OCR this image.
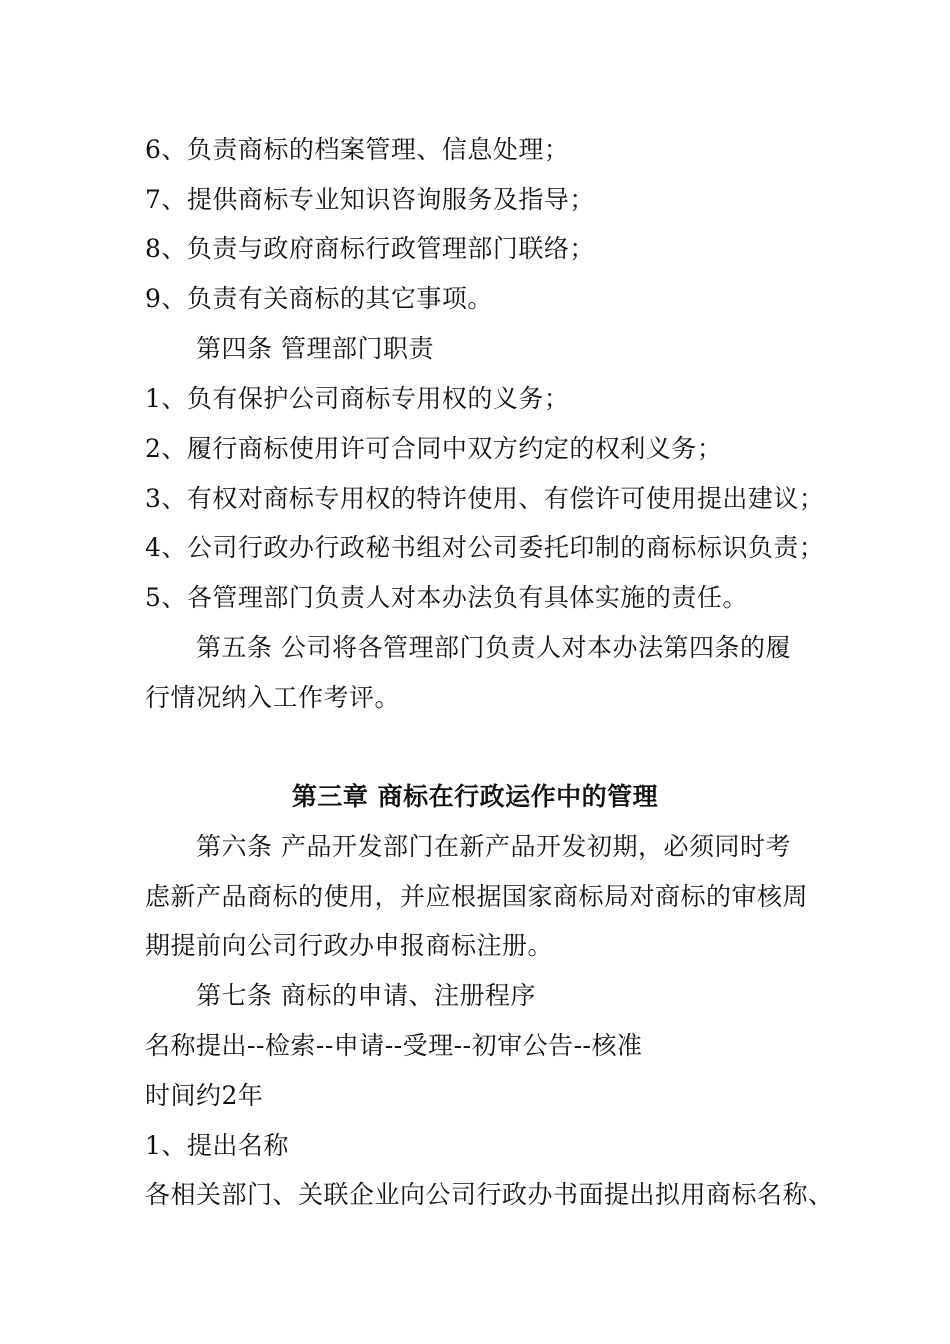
6、负责商标的档案管理、信息处理；
7、提供商标专业知识咨询服务及指导；
8、负责与政府商标行政管理部门联络；
9、负责有关商标的其它事项。
第四条 管理部门职责
1、负有保护公司商标专用权的义务；
2、履行商标使用许可合同中双方约定的权利义务；
3、有权对商标专用权的特许使用、有偿许可使用提出建议；
4、公司行政办行政秘书组对公司委托印制的商标标识负责；
5、各管理部门负责人对本办法负有具体实施的责任。
第五条 公司将各管理部门负责人对本办法第四条的履
行情况纳入工作考评。
第三章 商标在行政运作中的管理
第六条 产品开发部门在新产品开发初期，必须同时考
虑新产品商标的使用，并应根据国家商标局对商标的审核周
期提前向公司行政办申报商标注册。
第七条 商标的申请、注册程序
名称提出--检索--申请--受理--初审公告--核准
时间约2年
1、提出名称
各相关部门、关联企业向公司行政办书面提出拟用商标名称、
